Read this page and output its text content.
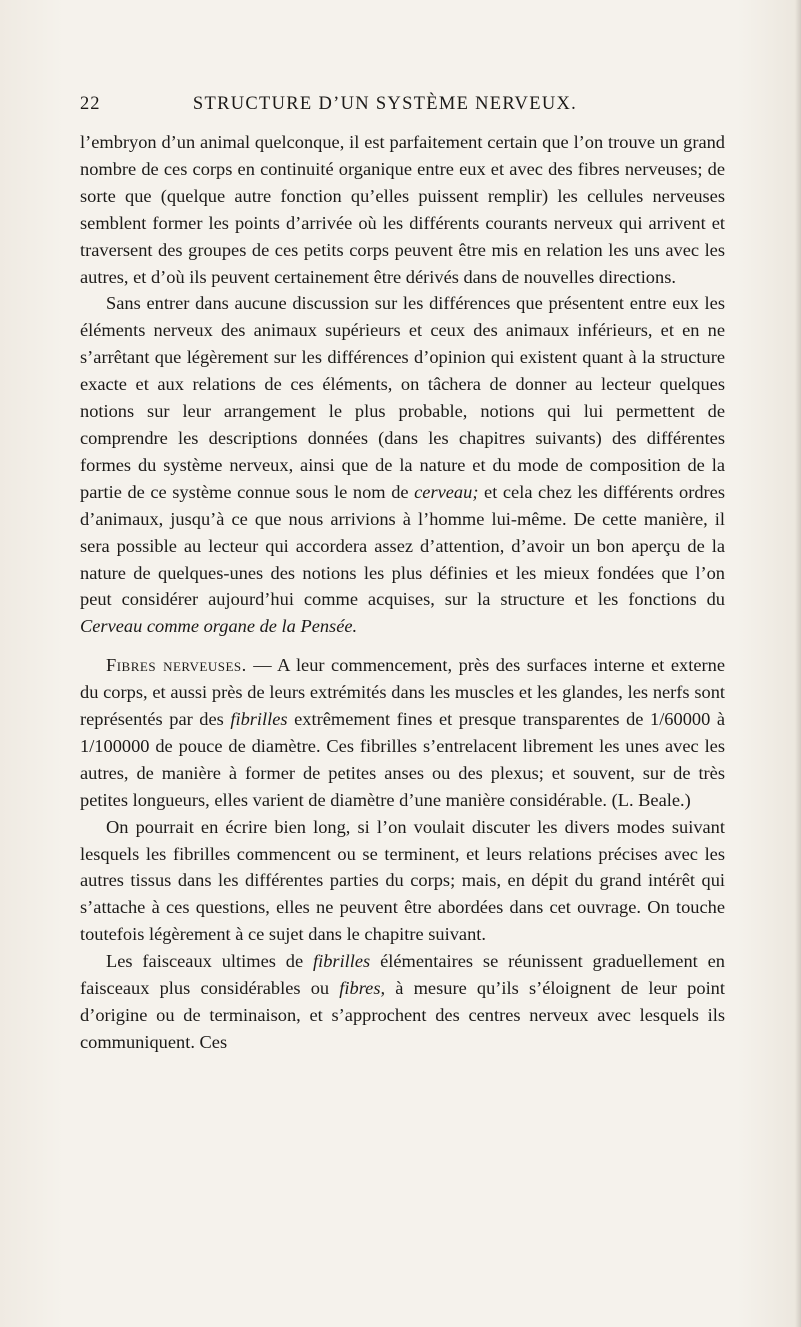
22	STRUCTURE D’UN SYSTÈME NERVEUX.

l’embryon d’un animal quelconque, il est parfaitement certain que l’on trouve un grand nombre de ces corps en continuité organique entre eux et avec des fibres nerveuses; de sorte que (quelque autre fonction qu’elles puissent remplir) les cellules nerveuses semblent former les points d’arrivée où les différents courants nerveux qui arrivent et traversent des groupes de ces petits corps peuvent être mis en relation les uns avec les autres, et d’où ils peuvent certainement être dérivés dans de nouvelles directions.

Sans entrer dans aucune discussion sur les différences que présentent entre eux les éléments nerveux des animaux supérieurs et ceux des animaux inférieurs, et en ne s’arrêtant que légèrement sur les différences d’opinion qui existent quant à la structure exacte et aux relations de ces éléments, on tâchera de donner au lecteur quelques notions sur leur arrangement le plus probable, notions qui lui permettent de comprendre les descriptions données (dans les chapitres suivants) des différentes formes du système nerveux, ainsi que de la nature et du mode de composition de la partie de ce système connue sous le nom de cerveau; et cela chez les différents ordres d’animaux, jusqu’à ce que nous arrivions à l’homme lui-même. De cette manière, il sera possible au lecteur qui accordera assez d’attention, d’avoir un bon aperçu de la nature de quelques-unes des notions les plus définies et les mieux fondées que l’on peut considérer aujourd’hui comme acquises, sur la structure et les fonctions du Cerveau comme organe de la Pensée.

Fibres nerveuses. — A leur commencement, près des surfaces interne et externe du corps, et aussi près de leurs extrémités dans les muscles et les glandes, les nerfs sont représentés par des fibrilles extrêmement fines et presque transparentes de 1/60000 à 1/100000 de pouce de diamètre. Ces fibrilles s’entrelacent librement les unes avec les autres, de manière à former de petites anses ou des plexus; et souvent, sur de très petites longueurs, elles varient de diamètre d’une manière considérable. (L. Beale.)

On pourrait en écrire bien long, si l’on voulait discuter les divers modes suivant lesquels les fibrilles commencent ou se terminent, et leurs relations précises avec les autres tissus dans les différentes parties du corps; mais, en dépit du grand intérêt qui s’attache à ces questions, elles ne peuvent être abordées dans cet ouvrage. On touche toutefois légèrement à ce sujet dans le chapitre suivant.

Les faisceaux ultimes de fibrilles élémentaires se réunissent graduellement en faisceaux plus considérables ou fibres, à mesure qu’ils s’éloignent de leur point d’origine ou de terminaison, et s’approchent des centres nerveux avec lesquels ils communiquent. Ces
